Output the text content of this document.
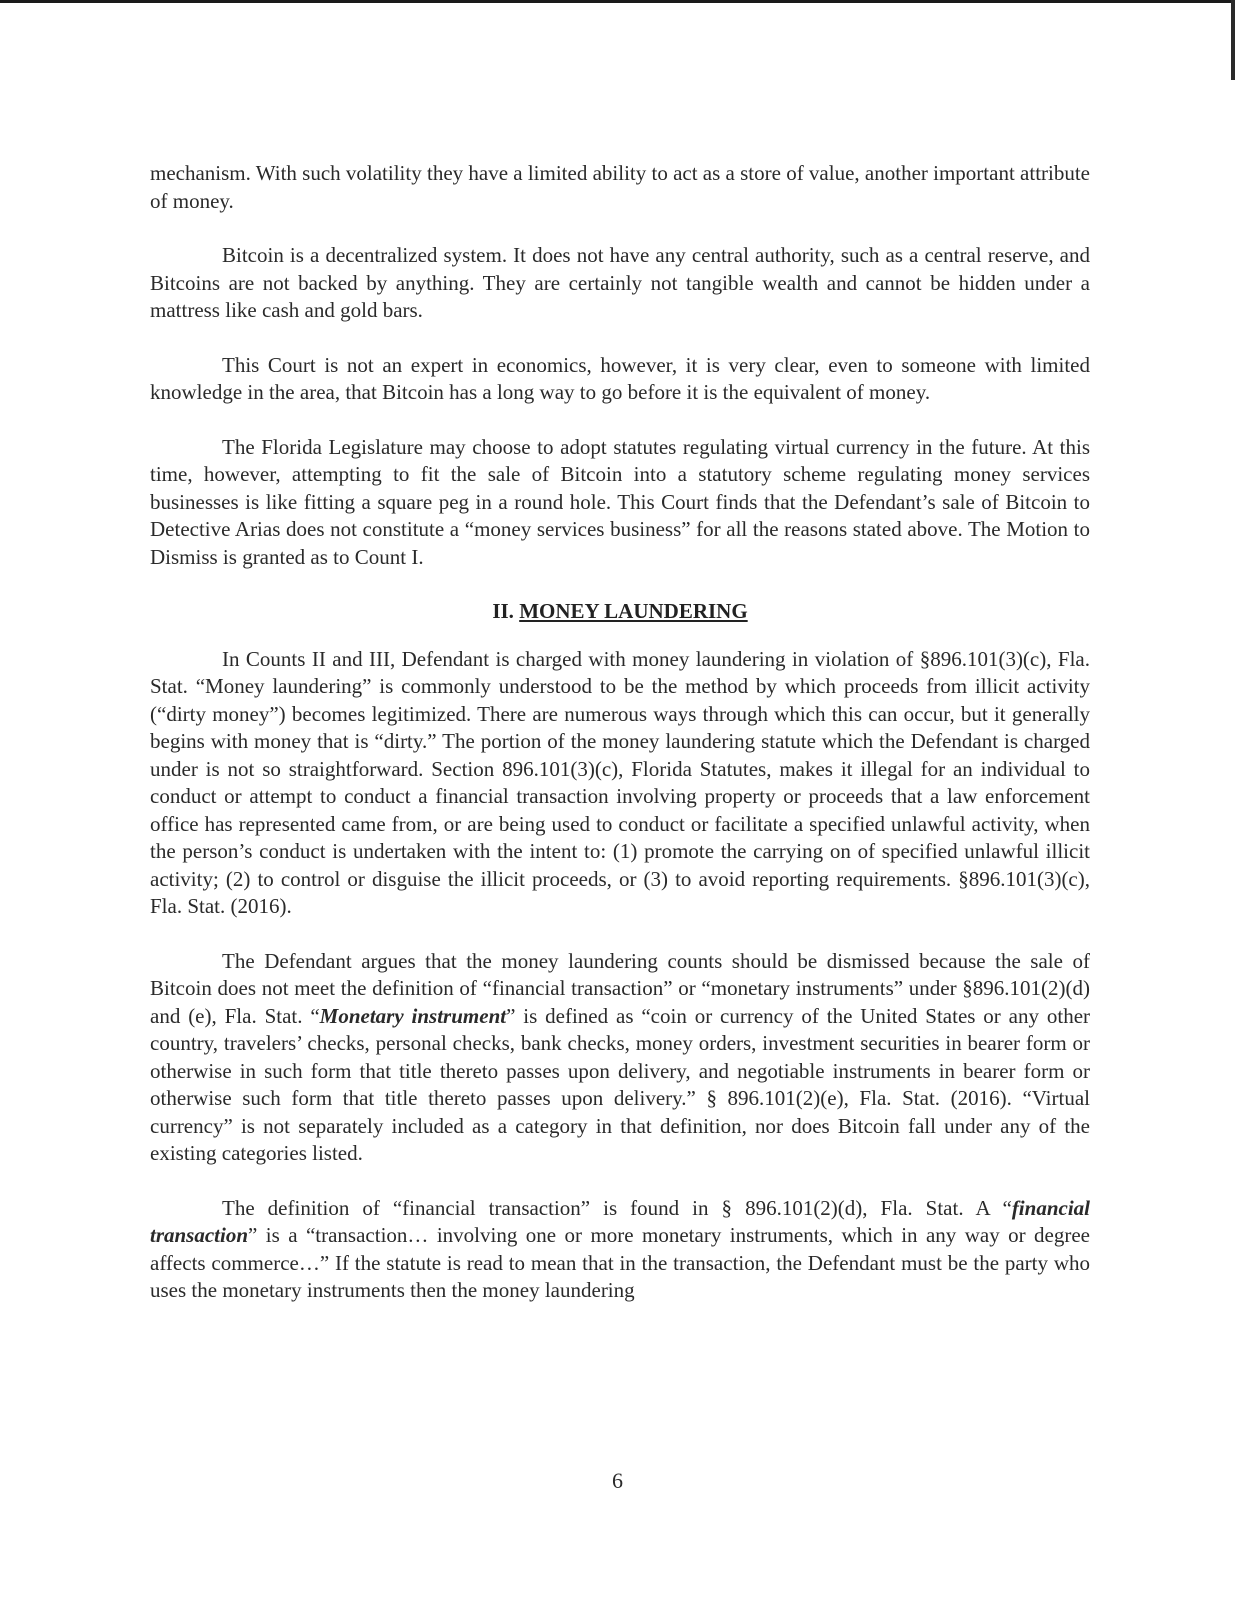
mechanism. With such volatility they have a limited ability to act as a store of value, another important attribute of money.

Bitcoin is a decentralized system. It does not have any central authority, such as a central reserve, and Bitcoins are not backed by anything. They are certainly not tangible wealth and cannot be hidden under a mattress like cash and gold bars.

This Court is not an expert in economics, however, it is very clear, even to someone with limited knowledge in the area, that Bitcoin has a long way to go before it is the equivalent of money.

The Florida Legislature may choose to adopt statutes regulating virtual currency in the future. At this time, however, attempting to fit the sale of Bitcoin into a statutory scheme regulating money services businesses is like fitting a square peg in a round hole. This Court finds that the Defendant’s sale of Bitcoin to Detective Arias does not constitute a “money services business” for all the reasons stated above. The Motion to Dismiss is granted as to Count I.

II. MONEY LAUNDERING

In Counts II and III, Defendant is charged with money laundering in violation of §896.101(3)(c), Fla. Stat. “Money laundering” is commonly understood to be the method by which proceeds from illicit activity (“dirty money”) becomes legitimized. There are numerous ways through which this can occur, but it generally begins with money that is “dirty.” The portion of the money laundering statute which the Defendant is charged under is not so straightforward. Section 896.101(3)(c), Florida Statutes, makes it illegal for an individual to conduct or attempt to conduct a financial transaction involving property or proceeds that a law enforcement office has represented came from, or are being used to conduct or facilitate a specified unlawful activity, when the person’s conduct is undertaken with the intent to: (1) promote the carrying on of specified unlawful illicit activity; (2) to control or disguise the illicit proceeds, or (3) to avoid reporting requirements. §896.101(3)(c), Fla. Stat. (2016).

The Defendant argues that the money laundering counts should be dismissed because the sale of Bitcoin does not meet the definition of “financial transaction” or “monetary instruments” under §896.101(2)(d) and (e), Fla. Stat. “Monetary instrument” is defined as “coin or currency of the United States or any other country, travelers’ checks, personal checks, bank checks, money orders, investment securities in bearer form or otherwise in such form that title thereto passes upon delivery, and negotiable instruments in bearer form or otherwise such form that title thereto passes upon delivery.” § 896.101(2)(e), Fla. Stat. (2016). “Virtual currency” is not separately included as a category in that definition, nor does Bitcoin fall under any of the existing categories listed.

The definition of “financial transaction” is found in § 896.101(2)(d), Fla. Stat. A “financial transaction” is a “transaction… involving one or more monetary instruments, which in any way or degree affects commerce…” If the statute is read to mean that in the transaction, the Defendant must be the party who uses the monetary instruments then the money laundering

6
